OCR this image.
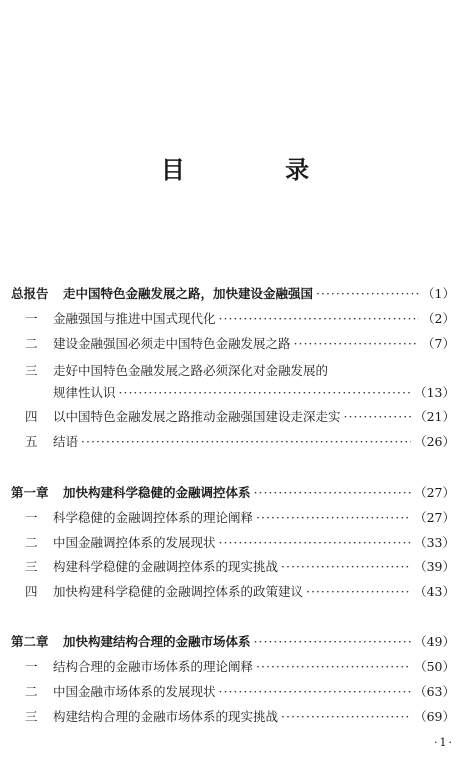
目 录
总报告 走中国特色金融发展之路，加快建设金融强国 ·····	（1）
一 金融强国与推进中国式现代化 ·····	（2）
二 建设金融强国必须走中国特色金融发展之路 ·····	（7）
三 走好中国特色金融发展之路必须深化对金融发展的
规律性认识 ·····	（13）
四 以中国特色金融发展之路推动金融强国建设走深走实 ·····	（21）
五 结语 ·····	（26）
第一章 加快构建科学稳健的金融调控体系 ·····	（27）
一 科学稳健的金融调控体系的理论阐释 ·····	（27）
二 中国金融调控体系的发展现状 ·····	（33）
三 构建科学稳健的金融调控体系的现实挑战 ·····	（39）
四 加快构建科学稳健的金融调控体系的政策建议 ·····	（43）
第二章 加快构建结构合理的金融市场体系 ·····	（49）
一 结构合理的金融市场体系的理论阐释 ·····	（50）
二 中国金融市场体系的发展现状 ·····	（63）
三 构建结构合理的金融市场体系的现实挑战 ·····	（69）
·1·
